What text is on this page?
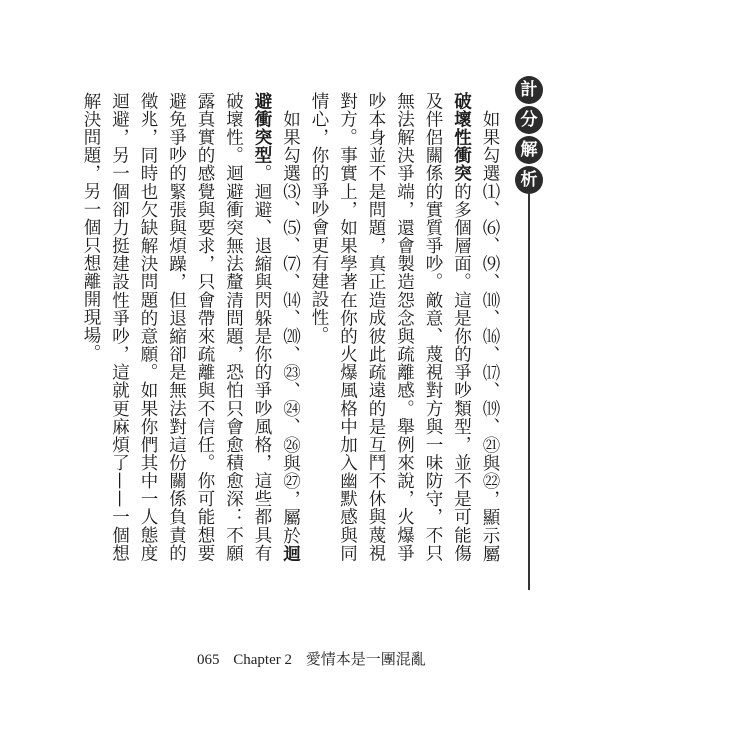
計
分
解
析

如果勾選⑴、⑹、⑼、⑽、⒃、⒄、⒆、㉑與㉒，顯示屬破壞性衝突的多個層面。這是你的爭吵類型，並不是可能傷及伴侶關係的實質爭吵。敵意、蔑視對方與一味防守，不只無法解決爭端，還會製造怨念與疏離感。舉例來說，火爆爭吵本身並不是問題，真正造成彼此疏遠的是互鬥不休與蔑視對方。事實上，如果學著在你的火爆風格中加入幽默感與同情心，你的爭吵會更有建設性。

如果勾選⑶、⑸、⑺、⒁、⒇、㉓、㉔、㉖與㉗，屬於迴避衝突型。迴避、退縮與閃躲是你的爭吵風格，這些都具有破壞性。迴避衝突無法釐清問題，恐怕只會愈積愈深：不願露真實的感覺與要求，只會帶來疏離與不信任。你可能想要避免爭吵的緊張與煩躁，但退縮卻是無法對這份關係負責的徵兆，同時也欠缺解決問題的意願。如果你們其中一人態度迴避，另一個卻力挺建設性爭吵，這就更麻煩了——一個想解決問題，另一個只想離開現場。

065 Chapter 2 愛情本是一團混亂
